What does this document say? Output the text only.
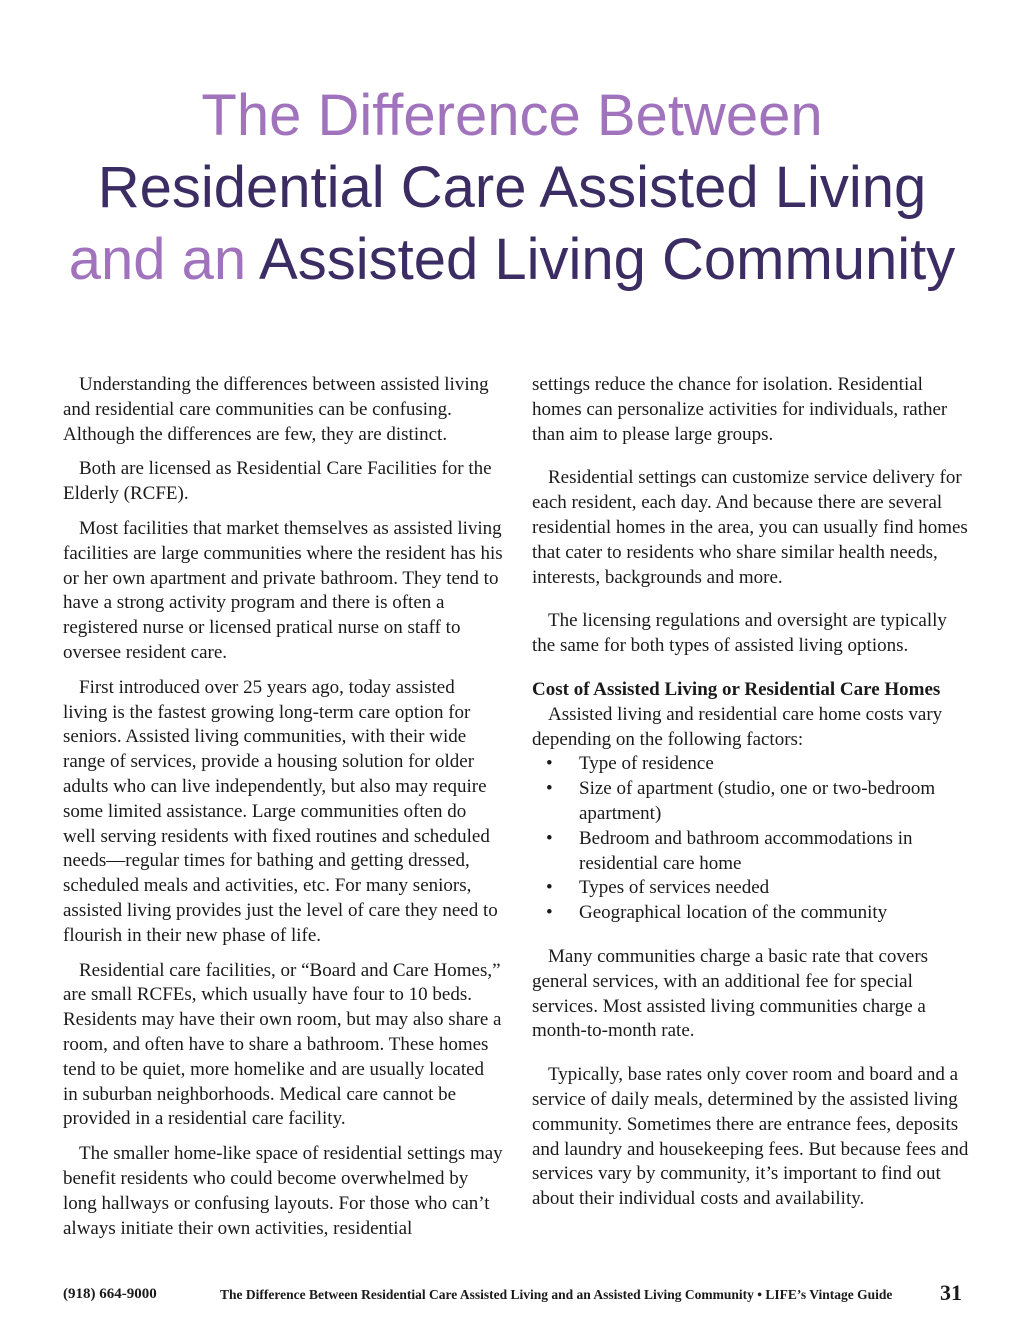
The Difference Between
Residential Care Assisted Living
and an Assisted Living Community

Understanding the differences between assisted living and residential care communities can be confusing. Although the differences are few, they are distinct.

Both are licensed as Residential Care Facilities for the Elderly (RCFE).

Most facilities that market themselves as assisted living facilities are large communities where the resident has his or her own apartment and private bathroom. They tend to have a strong activity program and there is often a registered nurse or licensed pratical nurse on staff to oversee resident care.

First introduced over 25 years ago, today assisted living is the fastest growing long-term care option for seniors. Assisted living communities, with their wide range of services, provide a housing solution for older adults who can live independently, but also may require some limited assistance. Large communities often do well serving residents with fixed routines and scheduled needs—regular times for bathing and getting dressed, scheduled meals and activities, etc. For many seniors, assisted living provides just the level of care they need to flourish in their new phase of life.

Residential care facilities, or “Board and Care Homes,” are small RCFEs, which usually have four to 10 beds. Residents may have their own room, but may also share a room, and often have to share a bathroom. These homes tend to be quiet, more homelike and are usually located in suburban neighborhoods. Medical care cannot be provided in a residential care facility.

The smaller home-like space of residential settings may benefit residents who could become overwhelmed by long hallways or confusing layouts. For those who can’t always initiate their own activities, residential

settings reduce the chance for isolation. Residential homes can personalize activities for individuals, rather than aim to please large groups.

Residential settings can customize service delivery for each resident, each day. And because there are several residential homes in the area, you can usually find homes that cater to residents who share similar health needs, interests, backgrounds and more.

The licensing regulations and oversight are typically the same for both types of assisted living options.

Cost of Assisted Living or Residential Care Homes

Assisted living and residential care home costs vary depending on the following factors:

• Type of residence
• Size of apartment (studio, one or two-bedroom apartment)
• Bedroom and bathroom accommodations in residential care home
• Types of services needed
• Geographical location of the community

Many communities charge a basic rate that covers general services, with an additional fee for special services. Most assisted living communities charge a month-to-month rate.

Typically, base rates only cover room and board and a service of daily meals, determined by the assisted living community. Sometimes there are entrance fees, deposits and laundry and housekeeping fees. But because fees and services vary by community, it’s important to find out about their individual costs and availability.

(918) 664-9000	The Difference Between Residential Care Assisted Living and an Assisted Living Community • LIFE’s Vintage Guide 31
